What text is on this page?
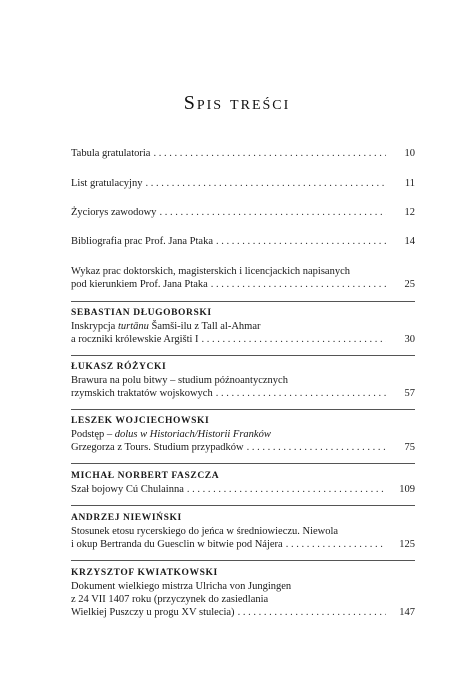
Spis treści
Tabula gratulatoria . . .	10
List gratulacyjny . . .	11
Życiorys zawodowy . . .	12
Bibliografia prac Prof. Jana Ptaka . . .	14
Wykaz prac doktorskich, magisterskich i licencjackich napisanych
pod kierunkiem Prof. Jana Ptaka . . .	25
SEBASTIAN DŁUGOBORSKI
Inskrypcja turtānu Šamši-ilu z Tall al-Ahmar
a roczniki królewskie Argišti I . . .	30
ŁUKASZ RÓŻYCKI
Brawura na polu bitwy – studium późnoantycznych
rzymskich traktatów wojskowych . . .	57
LESZEK WOJCIECHOWSKI
Podstęp – dolus w Historiach/Historii Franków
Grzegorza z Tours. Studium przypadków . . .	75
MICHAŁ NORBERT FASZCZA
Szał bojowy Cú Chulainna . . .	109
ANDRZEJ NIEWIŃSKI
Stosunek etosu rycerskiego do jeńca w średniowieczu. Niewola
i okup Bertranda du Guesclin w bitwie pod Nájera . . .	125
KRZYSZTOF KWIATKOWSKI
Dokument wielkiego mistrza Ulricha von Jungingen
z 24 VII 1407 roku (przyczynek do zasiedlania
Wielkiej Puszczy u progu XV stulecia) . . .	147
